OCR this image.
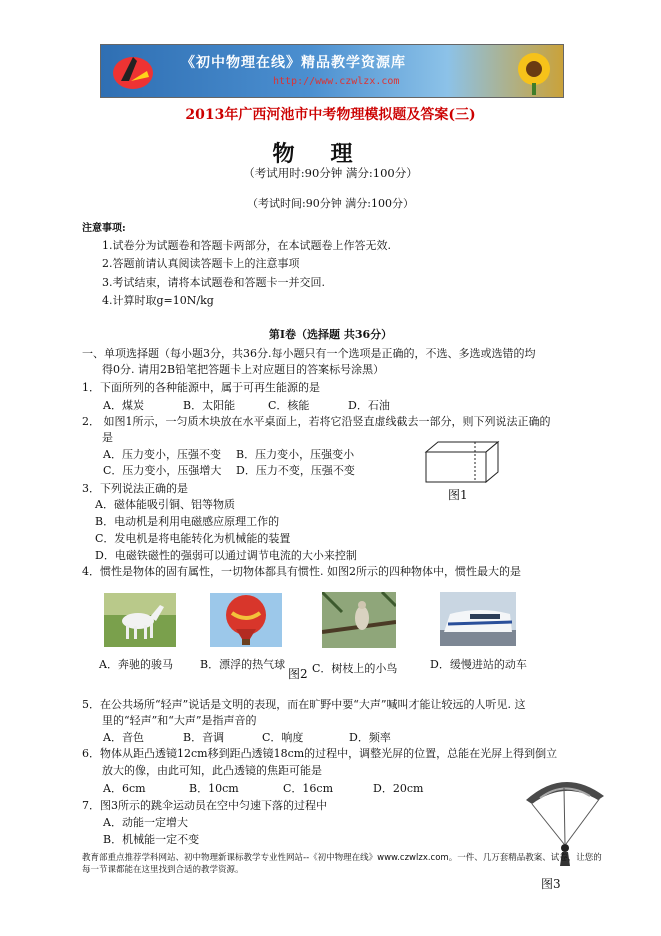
《初中物理在线》精品教学资源库
http://www.czwlzx.com
2013年广西河池市中考物理模拟题及答案(三)
物理
（考试用时:90分钟 满分:100分）
（考试时间:90分钟 满分:100分）
注意事项:
1.试卷分为试题卷和答题卡两部分，在本试题卷上作答无效.
2.答题前请认真阅读答题卡上的注意事项
3.考试结束，请将本试题卷和答题卡一并交回.
4.计算时取g=10N/kg
第Ⅰ卷（选择题 共36分）
一、单项选择题（每小题3分，共36分.每小题只有一个选项是正确的，不选、多选或选错的均
得0分. 请用2B铅笔把答题卡上对应题目的答案标号涂黑）
1．下面所列的各种能源中，属于可再生能源的是
A．煤炭	B．太阳能	C．核能	D．石油
2． 如图1所示，一匀质木块放在水平桌面上，若将它沿竖直虚线截去一部分，则下列说法正确的
是
A．压力变小，压强不变 B．压力变小，压强变小
C．压力变小，压强增大 D．压力不变，压强不变
图1
3．下列说法正确的是
A．磁体能吸引铜、铝等物质
B．电动机是利用电磁感应原理工作的
C．发电机是将电能转化为机械能的装置
D．电磁铁磁性的强弱可以通过调节电流的大小来控制
4．惯性是物体的固有属性，一切物体都具有惯性. 如图2所示的四种物体中，惯性最大的是
A．奔驰的骏马 B．漂浮的热气球 C．树枝上的小鸟	D．缓慢进站的动车
图2
5．在公共场所“轻声”说话是文明的表现，而在旷野中要“大声”喊叫才能让较远的人听见. 这
里的“轻声”和“大声”是指声音的
A．音色	B．音调	C．响度	D．频率
6．物体从距凸透镜12cm移到距凸透镜18cm的过程中，调整光屏的位置，总能在光屏上得到倒立
放大的像，由此可知，此凸透镜的焦距可能是
A．6cm	B．10cm	C．16cm	D．20cm
7．图3所示的跳伞运动员在空中匀速下落的过程中
A．动能一定增大
B．机械能一定不变
图3
教育部重点推荐学科网站、初中物理新课标教学专业性网站--《初中物理在线》www.czwlzx.com。一件、几万套精品教案、试卷，让您的每一节课都能在这里找到合适的教学资源。
